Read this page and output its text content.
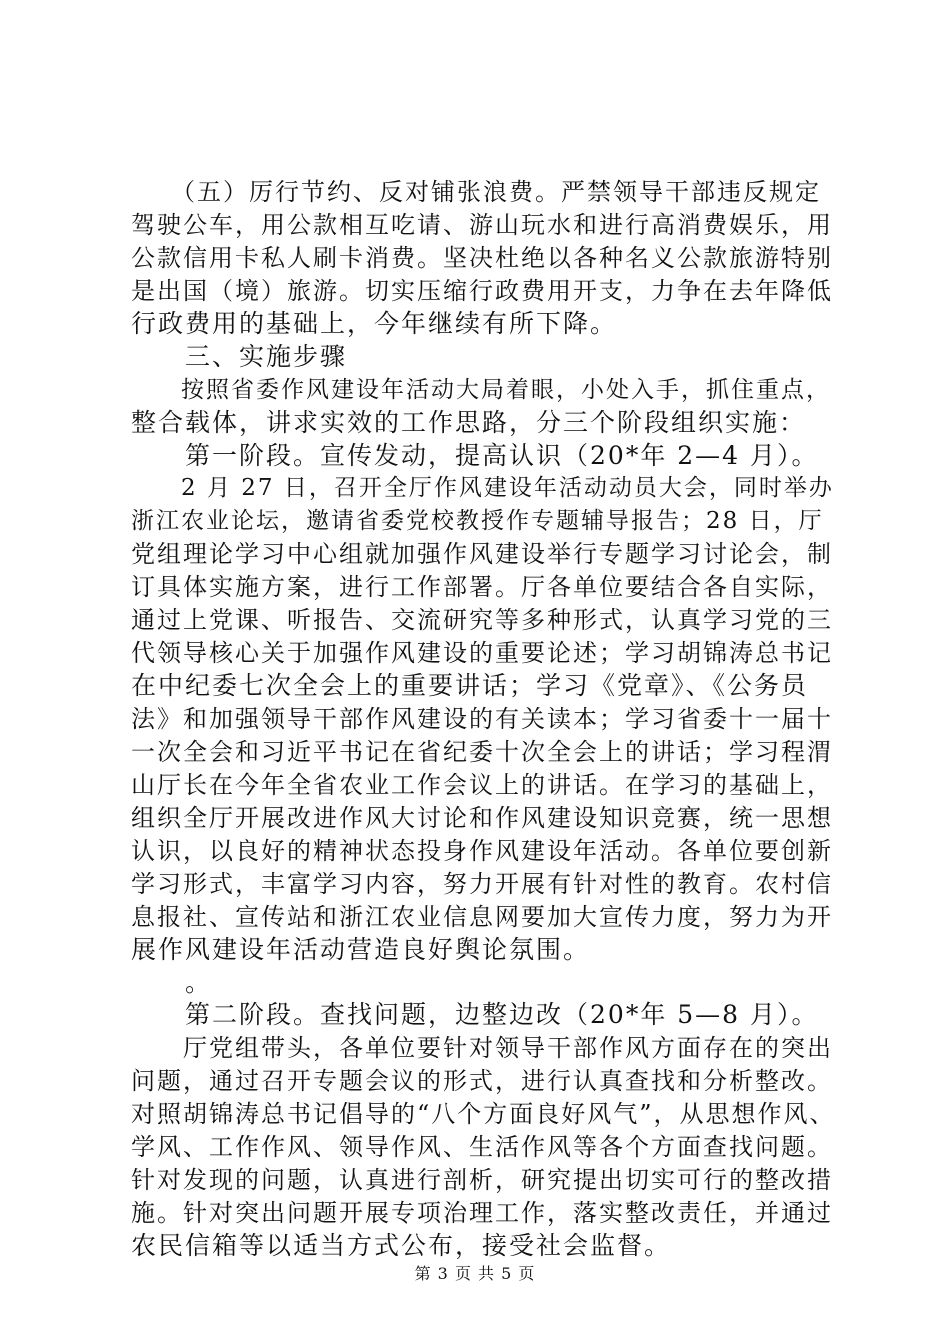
　　（五）厉行节约、反对铺张浪费。严禁领导干部违反规定
驾驶公车，用公款相互吃请、游山玩水和进行高消费娱乐，用
公款信用卡私人刷卡消费。坚决杜绝以各种名义公款旅游特别
是出国（境）旅游。切实压缩行政费用开支，力争在去年降低
行政费用的基础上，今年继续有所下降。
　　三、实施步骤
　　按照省委作风建设年活动大局着眼，小处入手，抓住重点，
整合载体，讲求实效的工作思路，分三个阶段组织实施：
　　第一阶段。宣传发动，提高认识（20*年 2—4 月）。
　　2 月 27 日，召开全厅作风建设年活动动员大会，同时举办
浙江农业论坛，邀请省委党校教授作专题辅导报告；28 日，厅
党组理论学习中心组就加强作风建设举行专题学习讨论会，制
订具体实施方案，进行工作部署。厅各单位要结合各自实际，
通过上党课、听报告、交流研究等多种形式，认真学习党的三
代领导核心关于加强作风建设的重要论述；学习胡锦涛总书记
在中纪委七次全会上的重要讲话；学习《党章》、《公务员
法》和加强领导干部作风建设的有关读本；学习省委十一届十
一次全会和习近平书记在省纪委十次全会上的讲话；学习程渭
山厅长在今年全省农业工作会议上的讲话。在学习的基础上，
组织全厅开展改进作风大讨论和作风建设知识竞赛，统一思想
认识，以良好的精神状态投身作风建设年活动。各单位要创新
学习形式，丰富学习内容，努力开展有针对性的教育。农村信
息报社、宣传站和浙江农业信息网要加大宣传力度，努力为开
展作风建设年活动营造良好舆论氛围。
　　。
　　第二阶段。查找问题，边整边改（20*年 5—8 月）。
　　厅党组带头，各单位要针对领导干部作风方面存在的突出
问题，通过召开专题会议的形式，进行认真查找和分析整改。
对照胡锦涛总书记倡导的“八个方面良好风气”，从思想作风、
学风、工作作风、领导作风、生活作风等各个方面查找问题。
针对发现的问题，认真进行剖析，研究提出切实可行的整改措
施。针对突出问题开展专项治理工作，落实整改责任，并通过
农民信箱等以适当方式公布，接受社会监督。
第 3 页 共 5 页
